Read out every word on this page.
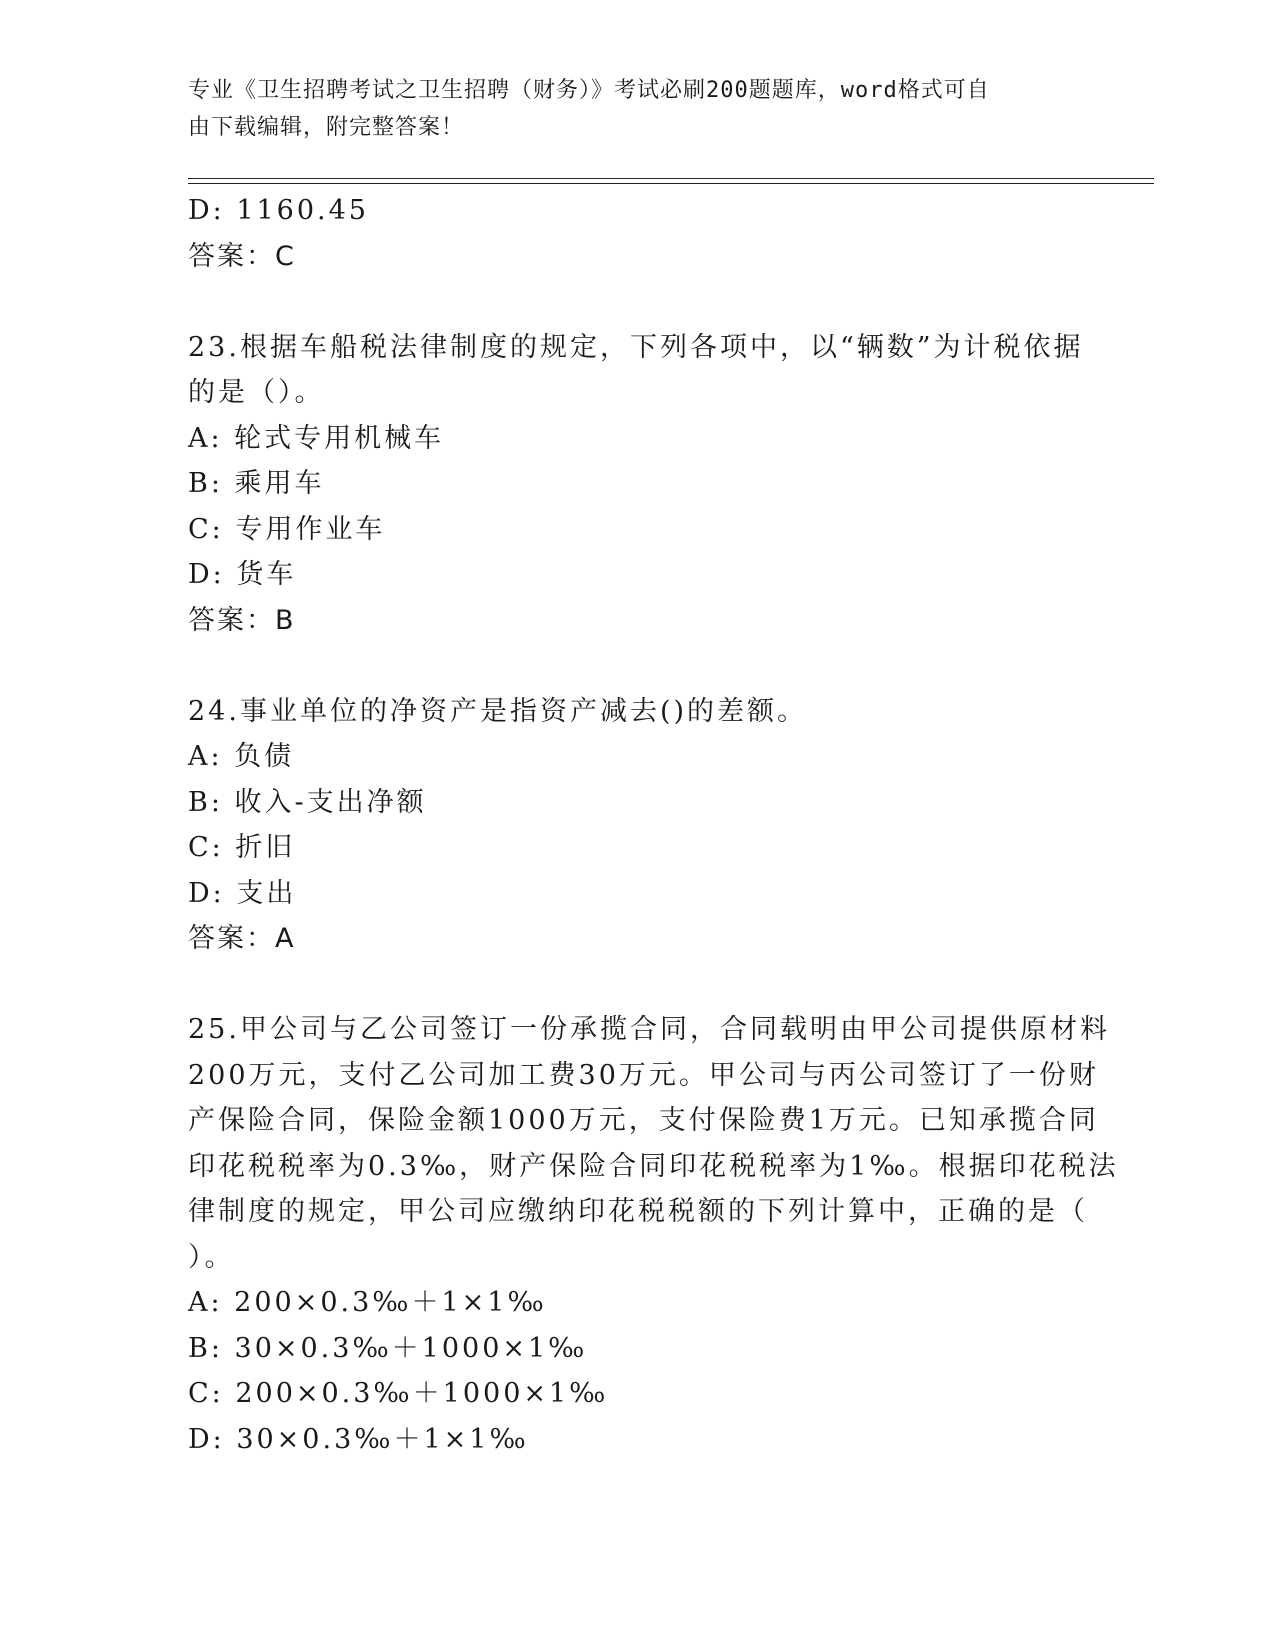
专业《卫生招聘考试之卫生招聘（财务）》考试必刷200题题库，word格式可自
由下载编辑，附完整答案！
D: 1160.45
答案：C
23.根据车船税法律制度的规定，下列各项中，以“辆数”为计税依据
的是（）。
A: 轮式专用机械车
B: 乘用车
C: 专用作业车
D: 货车
答案：B
24.事业单位的净资产是指资产减去()的差额。
A: 负债
B: 收入-支出净额
C: 折旧
D: 支出
答案：A
25.甲公司与乙公司签订一份承揽合同，合同载明由甲公司提供原材料
200万元，支付乙公司加工费30万元。甲公司与丙公司签订了一份财
产保险合同，保险金额1000万元，支付保险费1万元。已知承揽合同
印花税税率为0.3‰，财产保险合同印花税税率为1‰。根据印花税法
律制度的规定，甲公司应缴纳印花税税额的下列计算中，正确的是（
）。
A: 200×0.3‰＋1×1‰
B: 30×0.3‰＋1000×1‰
C: 200×0.3‰＋1000×1‰
D: 30×0.3‰＋1×1‰
